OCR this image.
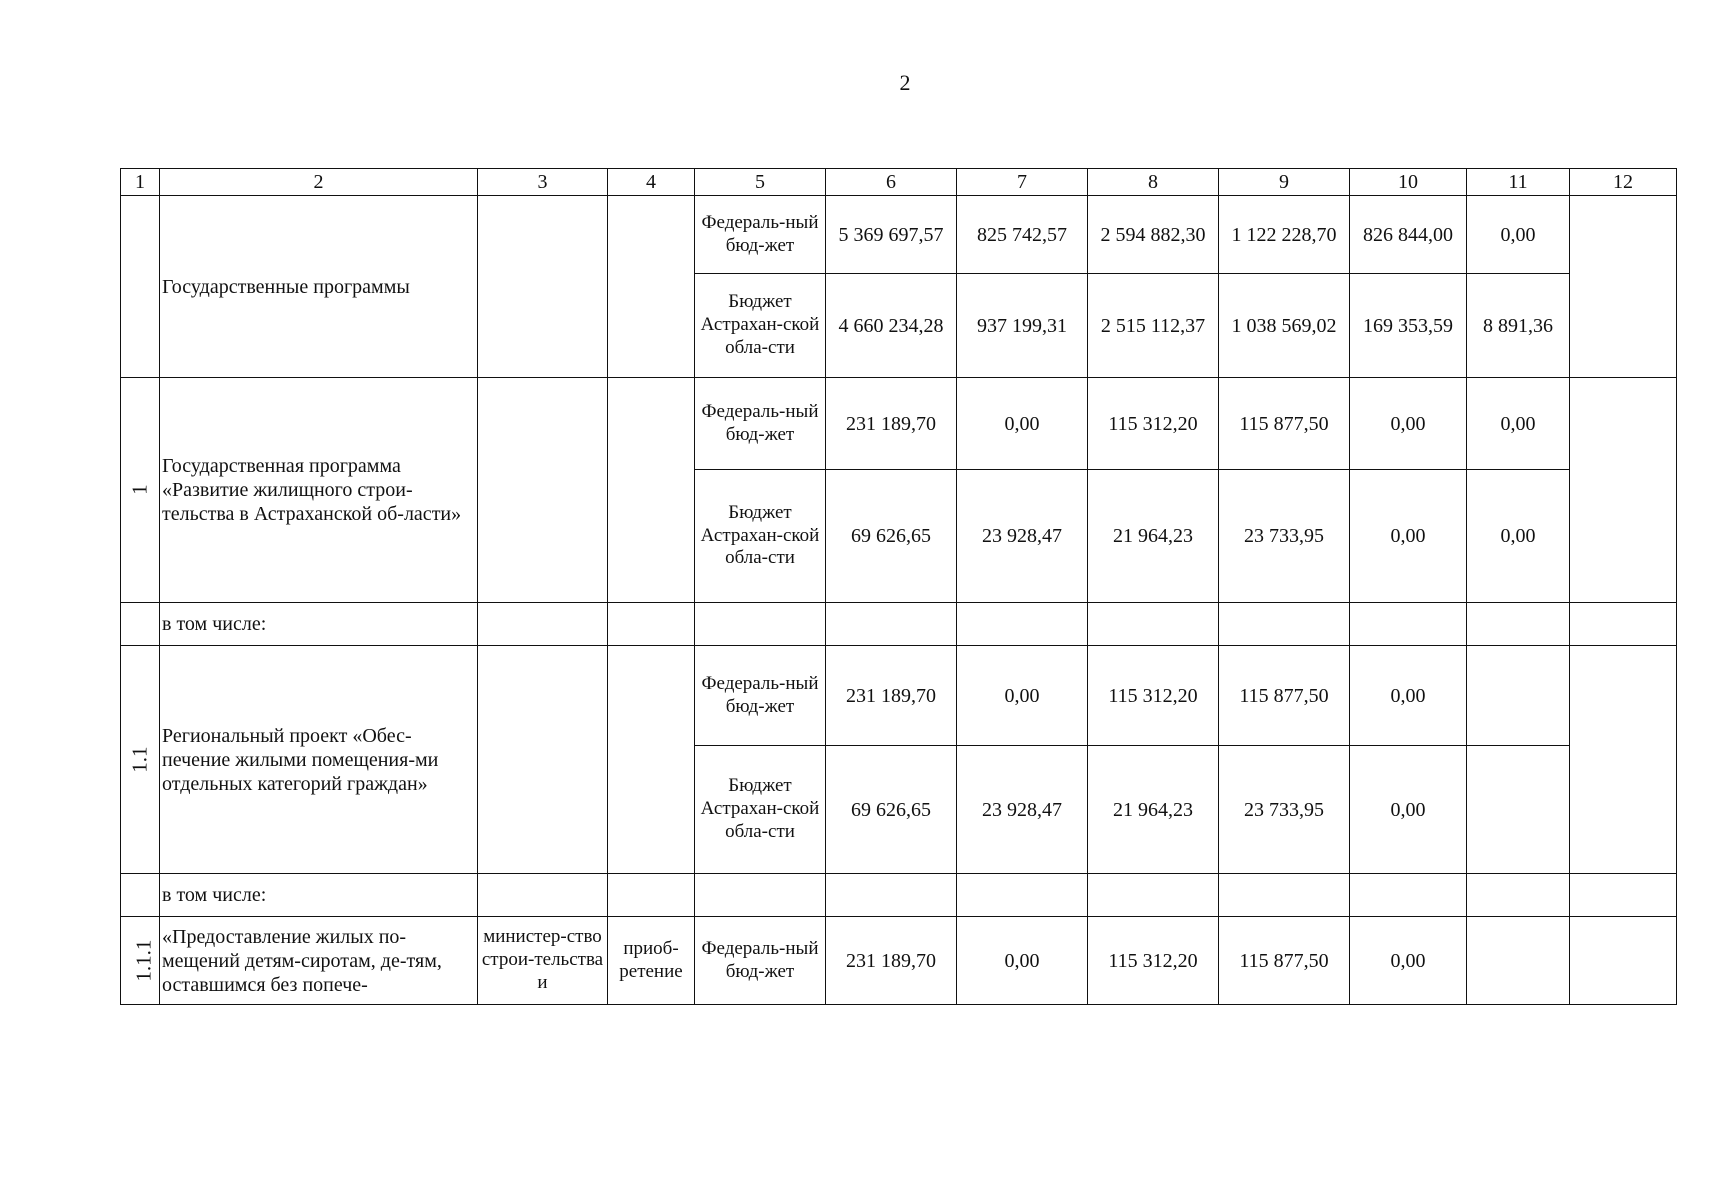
2
1	2	3	4	5	6	7	8	9	10	11	12
	Государственные программы			Федераль-ный бюд-жет	5 369 697,57	825 742,57	2 594 882,30	1 122 228,70	826 844,00	0,00	
				Бюджет Астрахан-ской обла-сти	4 660 234,28	937 199,31	2 515 112,37	1 038 569,02	169 353,59	8 891,36	
1	Государственная программа «Развитие жилищного строи-тельства в Астраханской об-ласти»			Федераль-ный бюд-жет	231 189,70	0,00	115 312,20	115 877,50	0,00	0,00	
				Бюджет Астрахан-ской обла-сти	69 626,65	23 928,47	21 964,23	23 733,95	0,00	0,00	
	в том числе:										
1.1	Региональный проект «Обес-печение жилыми помещения-ми отдельных категорий граждан»			Федераль-ный бюд-жет	231 189,70	0,00	115 312,20	115 877,50	0,00		
				Бюджет Астрахан-ской обла-сти	69 626,65	23 928,47	21 964,23	23 733,95	0,00		
	в том числе:										
1.1.1	«Предоставление жилых по-мещений детям-сиротам, де-тям, оставшимся без попече-	министер-ство строи-тельства и	приоб-ретение	Федераль-ный бюд-жет	231 189,70	0,00	115 312,20	115 877,50	0,00		
